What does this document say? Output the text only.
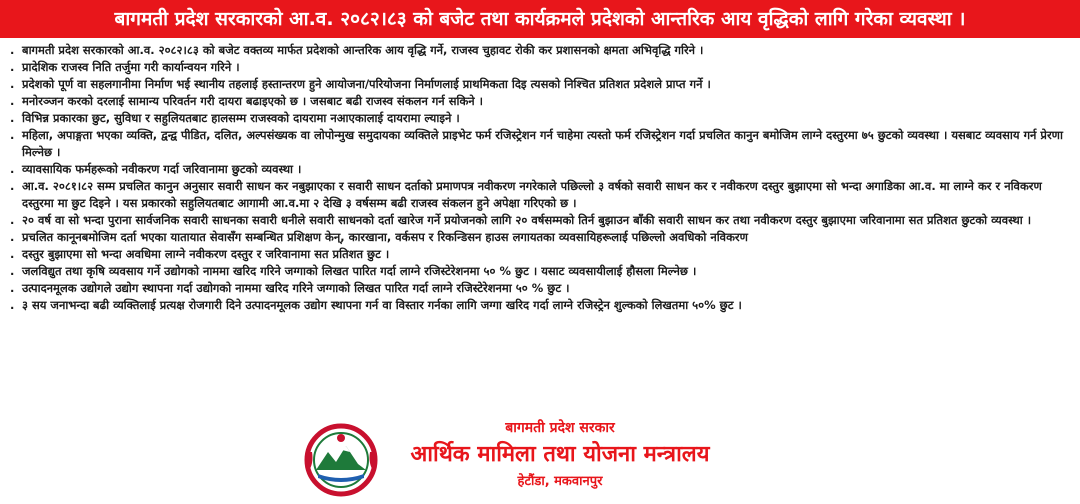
बागमती प्रदेश सरकारको आ.व. २०८२।८३ को बजेट तथा कार्यक्रमले प्रदेशको आन्तरिक आय वृद्धिको लागि गरेका व्यवस्था ।
. बागमती प्रदेश सरकारको आ.व. २०८२।८३ को बजेट वक्तव्य मार्फत प्रदेशको आन्तरिक आय वृद्धि गर्ने, राजस्व चुहावट रोकी कर प्रशासनको क्षमता अभिवृद्धि गरिने ।
. प्रादेशिक राजस्व निति तर्जुमा गरी कार्यान्वयन गरिने ।
. प्रदेशको पूर्ण वा सहलगानीमा निर्माण भई स्थानीय तहलाई हस्तान्तरण हुने आयोजना/परियोजना निर्माणलाई प्राथमिकता दिइ त्यसको निश्चित प्रतिशत प्रदेशले प्राप्त गर्ने ।
. मनोरञ्जन करको दरलाई सामान्य परिवर्तन गरी दायरा बढाइएको छ । जसबाट बढी राजस्व संकलन गर्न सकिने ।
. विभिन्न प्रकारका छुट, सुविधा र सहुलियतबाट हालसम्म राजस्वको दायरामा नआएकालाई दायरामा ल्याइने ।
. महिला, अपाङ्गता भएका व्यक्ति, द्वन्द्व पीडित, दलित, अल्पसंख्यक वा लोपोन्मुख समुदायका व्यक्तिले प्राइभेट फर्म रजिस्ट्रेशन गर्न चाहेमा त्यस्तो फर्म रजिस्ट्रेशन गर्दा प्रचलित कानुन बमोजिम लाग्ने दस्तुरमा ७५ छुटको व्यवस्था । यसबाट व्यवसाय गर्न प्रेरणा मिल्नेछ ।
. व्यावसायिक फर्महरूको नवीकरण गर्दा जरिवानामा छुटको व्यवस्था ।
. आ.व. २०८१।८२ सम्म प्रचलित कानुन अनुसार सवारी साधन कर नबुझाएका र सवारी साधन दर्ताको प्रमाणपत्र नवीकरण नगरेकाले पछिल्लो ३ वर्षको सवारी साधन कर र नवीकरण दस्तुर बुझाएमा सो भन्दा अगाडिका आ.व. मा लाग्ने कर र नविकरण दस्तुरमा मा छुट दिइने । यस प्रकारको सहुलियतबाट आगामी आ.व.मा २ देखि ३ वर्षसम्म बढी राजस्व संकलन हुने अपेक्षा गरिएको छ ।
. २० वर्ष वा सो भन्दा पुराना सार्वजनिक सवारी साधनका सवारी धनीले सवारी साधनको दर्ता खारेज गर्ने प्रयोजनको लागि २० वर्षसम्मको तिर्न बुझाउन बाँकी सवारी साधन कर तथा नवीकरण दस्तुर बुझाएमा जरिवानामा सत प्रतिशत छुटको व्यवस्था ।
. प्रचलित कानूनबमोजिम दर्ता भएका यातायात सेवासँग सम्बन्धित प्रशिक्षण केन्, कारखाना, वर्कसप र रिकन्डिसन हाउस लगायतका व्यवसायिहरूलाई पछिल्लो अवधिको नविकरण
. दस्तुर बुझाएमा सो भन्दा अवधिमा लाग्ने नवीकरण दस्तुर र जरिवानामा सत प्रतिशत छुट ।
. जलविद्युत तथा कृषि व्यवसाय गर्ने उद्योगको नाममा खरिद गरिने जग्गाको लिखत पारित गर्दा लाग्ने रजिस्टेरेशनमा ५० % छुट । यसाट व्यवसायीलाई हौसला मिल्नेछ ।
. उत्पादनमूलक उद्योगले उद्योग स्थापना गर्दा उद्योगको नाममा खरिद गरिने जग्गाको लिखत पारित गर्दा लाग्ने रजिस्टेरेशनमा ५० % छुट ।
. ३ सय जनाभन्दा बढी व्यक्तिलाई प्रत्यक्ष रोजगारी दिने उत्पादनमूलक उद्योग स्थापना गर्न वा विस्तार गर्नका लागि जग्गा खरिद गर्दा लाग्ने रजिस्ट्रेन शुल्कको लिखतमा ५०% छुट ।
बागमती प्रदेश सरकार
आर्थिक मामिला तथा योजना मन्त्रालय
हेटौंडा, मकवानपुर
